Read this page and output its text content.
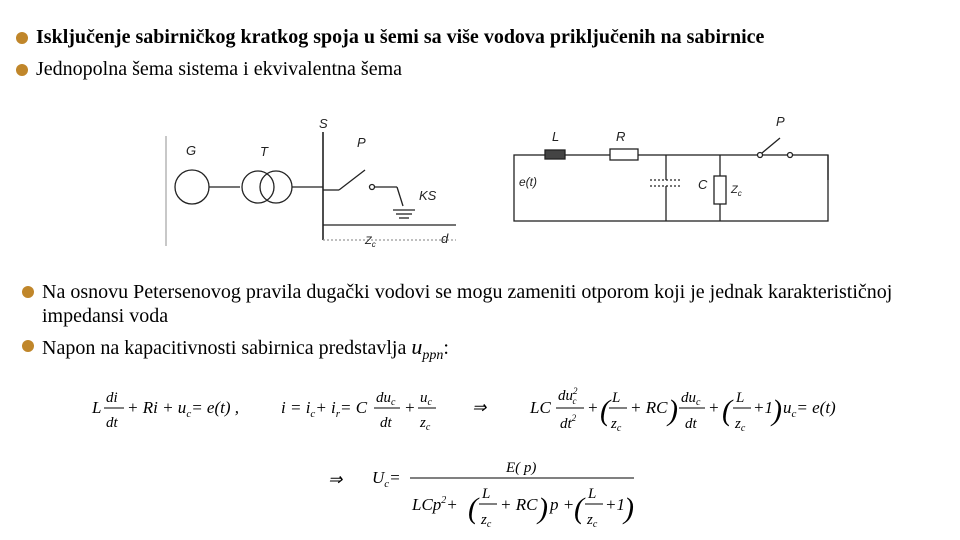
Isključenje sabirničkog kratkog spoja u šemi sa više vodova priključenih na sabirnice
Jednopolna šema sistema i ekvivalentna šema
Na osnovu Petersenovog pravila dugački vodovi se mogu zameniti otporom koji je jednak karakterističnoj impedansi voda
Napon na kapacitivnosti sabirnica predstavlja $u_{ppn}$:
G	T
S
P
KS
$Z_c$	d
L	R
P
e(t)	C $Z_c$
L di
dt
+ $Ri + u_c= e(t)$ , $i = i_c+ i_r= C$ $du_c$
dt
+ $u_c$
$z_c$
⇒	LC
$du^2$ c
$dt^2$
+ ( L
$z_c$
+ RC ) $du_c$
dt
+ ( L
$z_c$
+1 ) $u_c= e(t)$
⇒ $U_c=$	E( p)
LCp$^2$+ ( L
$z_c$
+ RC ) p + ( L
$z_c$
+1 )
